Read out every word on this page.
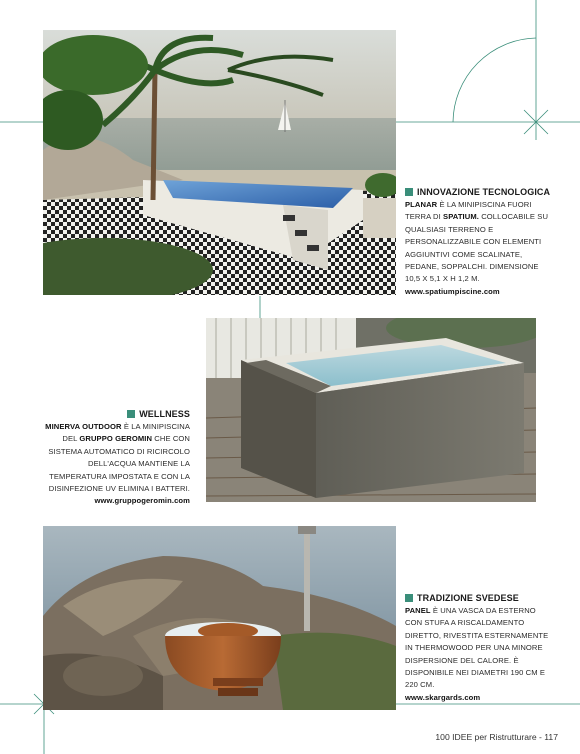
INNOVAZIONE TECNOLOGICA
PLANAR È LA MINIPISCINA FUORI TERRA DI SPATIUM. COLLOCABILE SU QUALSIASI TERRENO E PERSONALIZZABILE CON ELEMENTI AGGIUNTIVI COME SCALINATE, PEDANE, SOPPALCHI. DIMENSIONE 10,5 X 5,1 X H 1,2 M.
www.spatiumpiscine.com
WELLNESS
MINERVA OUTDOOR È LA MINIPISCINA DEL GRUPPO GEROMIN CHE CON SISTEMA AUTOMATICO DI RICIRCOLO DELL'ACQUA MANTIENE LA TEMPERATURA IMPOSTATA E CON LA DISINFEZIONE UV ELIMINA I BATTERI.
www.gruppogeromin.com
TRADIZIONE SVEDESE
PANEL È UNA VASCA DA ESTERNO CON STUFA A RISCALDAMENTO DIRETTO, RIVESTITA ESTERNAMENTE IN THERMOWOOD PER UNA MINORE DISPERSIONE DEL CALORE. È DISPONIBILE NEI DIAMETRI 190 CM E 220 CM.
www.skargards.com
100 IDEE per Ristrutturare - 117
